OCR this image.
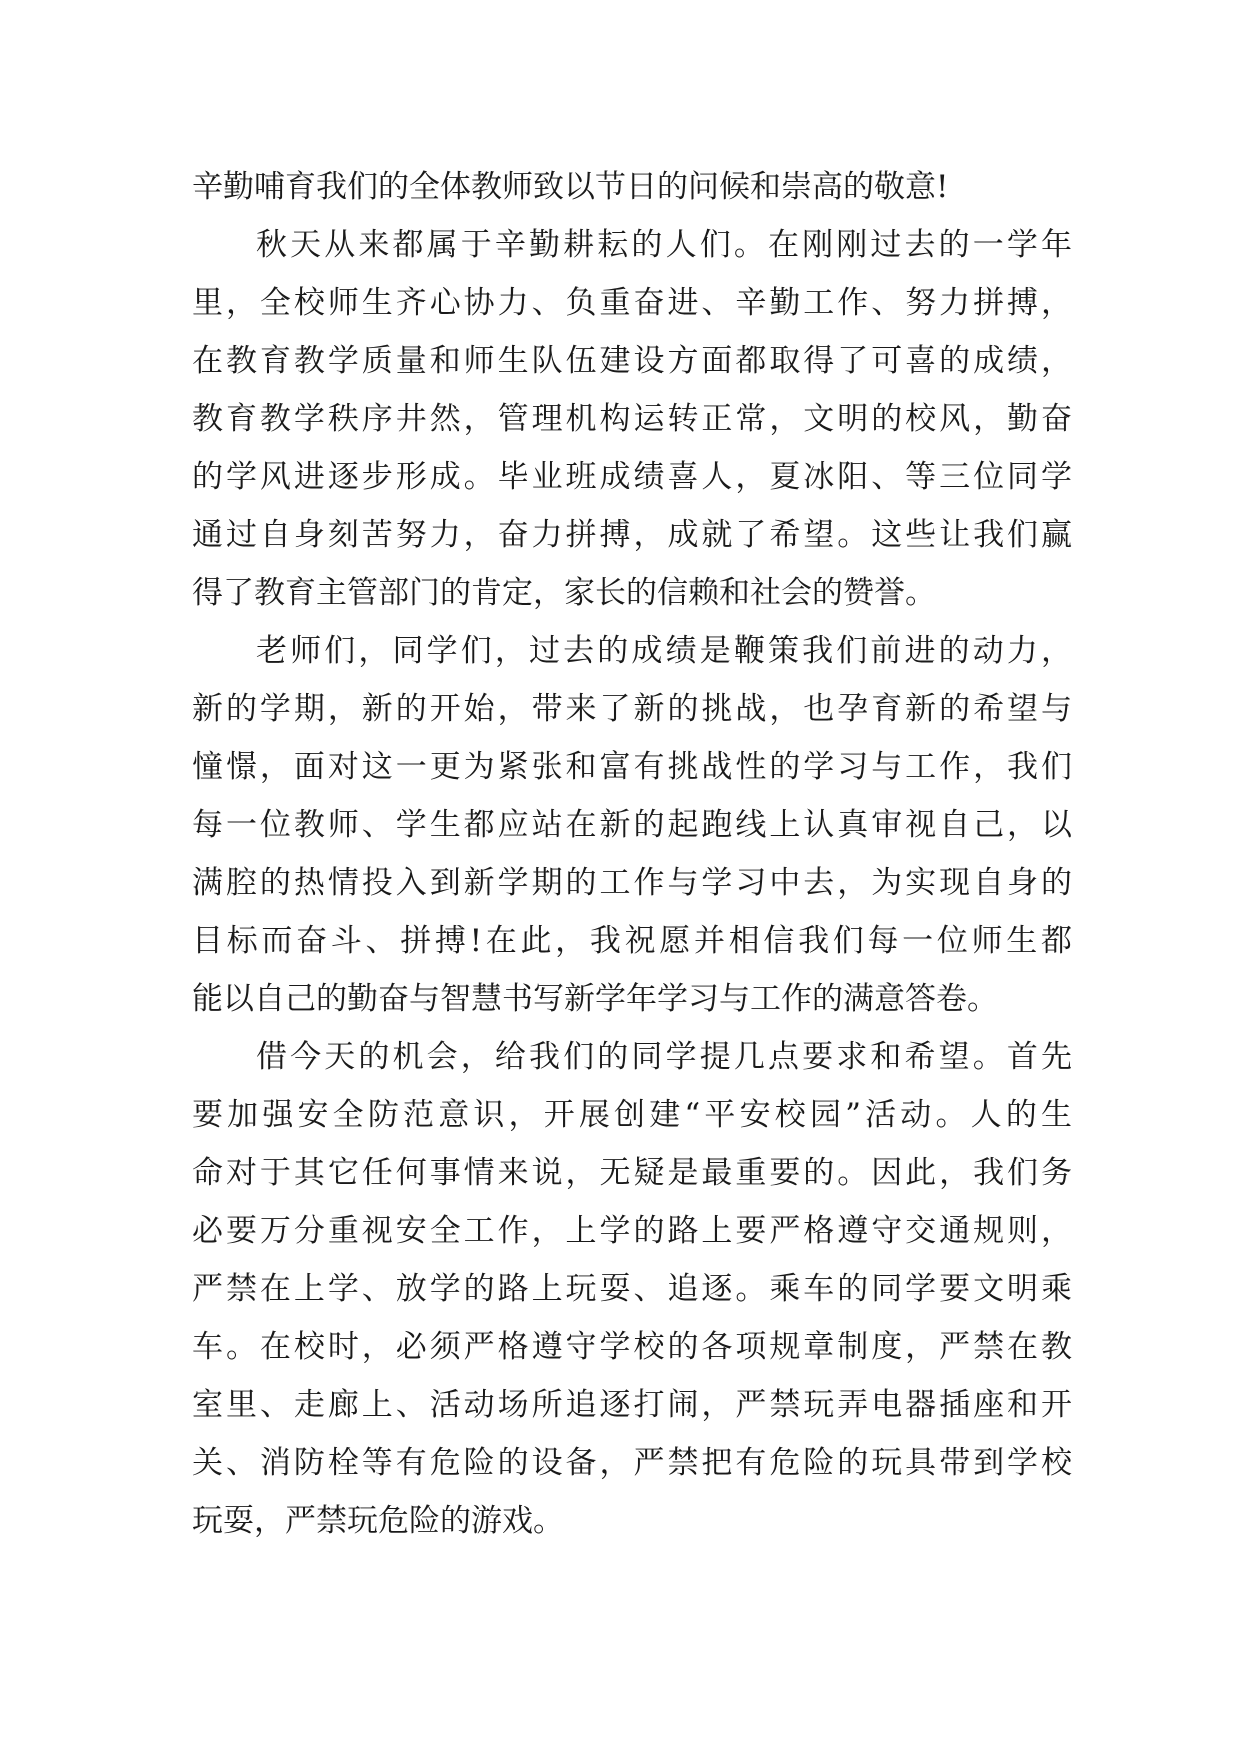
辛勤哺育我们的全体教师致以节日的问候和崇高的敬意!
秋天从来都属于辛勤耕耘的人们。在刚刚过去的一学年
里，全校师生齐心协力、负重奋进、辛勤工作、努力拼搏，
在教育教学质量和师生队伍建设方面都取得了可喜的成绩，
教育教学秩序井然，管理机构运转正常，文明的校风，勤奋
的学风进逐步形成。毕业班成绩喜人，夏冰阳、等三位同学
通过自身刻苦努力，奋力拼搏，成就了希望。这些让我们赢
得了教育主管部门的肯定，家长的信赖和社会的赞誉。
老师们，同学们，过去的成绩是鞭策我们前进的动力，
新的学期，新的开始，带来了新的挑战，也孕育新的希望与
憧憬，面对这一更为紧张和富有挑战性的学习与工作，我们
每一位教师、学生都应站在新的起跑线上认真审视自己，以
满腔的热情投入到新学期的工作与学习中去，为实现自身的
目标而奋斗、拼搏!在此，我祝愿并相信我们每一位师生都
能以自己的勤奋与智慧书写新学年学习与工作的满意答卷。
借今天的机会，给我们的同学提几点要求和希望。首先
要加强安全防范意识，开展创建“平安校园”活动。人的生
命对于其它任何事情来说，无疑是最重要的。因此，我们务
必要万分重视安全工作，上学的路上要严格遵守交通规则，
严禁在上学、放学的路上玩耍、追逐。乘车的同学要文明乘
车。在校时，必须严格遵守学校的各项规章制度，严禁在教
室里、走廊上、活动场所追逐打闹，严禁玩弄电器插座和开
关、消防栓等有危险的设备，严禁把有危险的玩具带到学校
玩耍，严禁玩危险的游戏。
